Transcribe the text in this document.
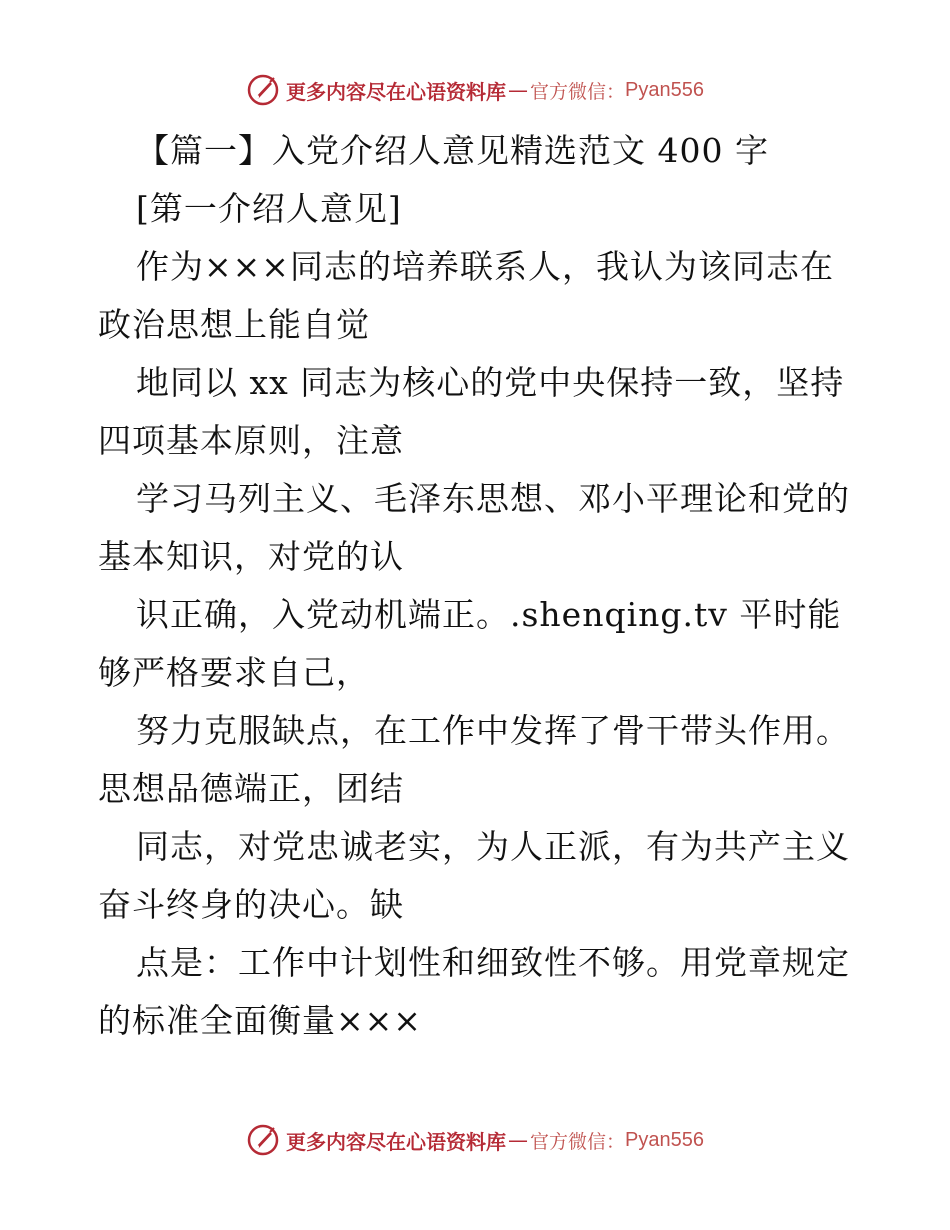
更多内容尽在心语资料库 — 官方微信： Pyan556
【篇一】入党介绍人意见精选范文 400 字
[第一介绍人意见]
作为×××同志的培养联系人，我认为该同志在
政治思想上能自觉
地同以 xx 同志为核心的党中央保持一致，坚持
四项基本原则，注意
学习马列主义、毛泽东思想、邓小平理论和党的
基本知识，对党的认
识正确，入党动机端正。.shenqing.tv 平时能
够严格要求自己，
努力克服缺点，在工作中发挥了骨干带头作用。
思想品德端正，团结
同志，对党忠诚老实，为人正派，有为共产主义
奋斗终身的决心。缺
点是：工作中计划性和细致性不够。用党章规定
的标准全面衡量×××
更多内容尽在心语资料库 — 官方微信： Pyan556
